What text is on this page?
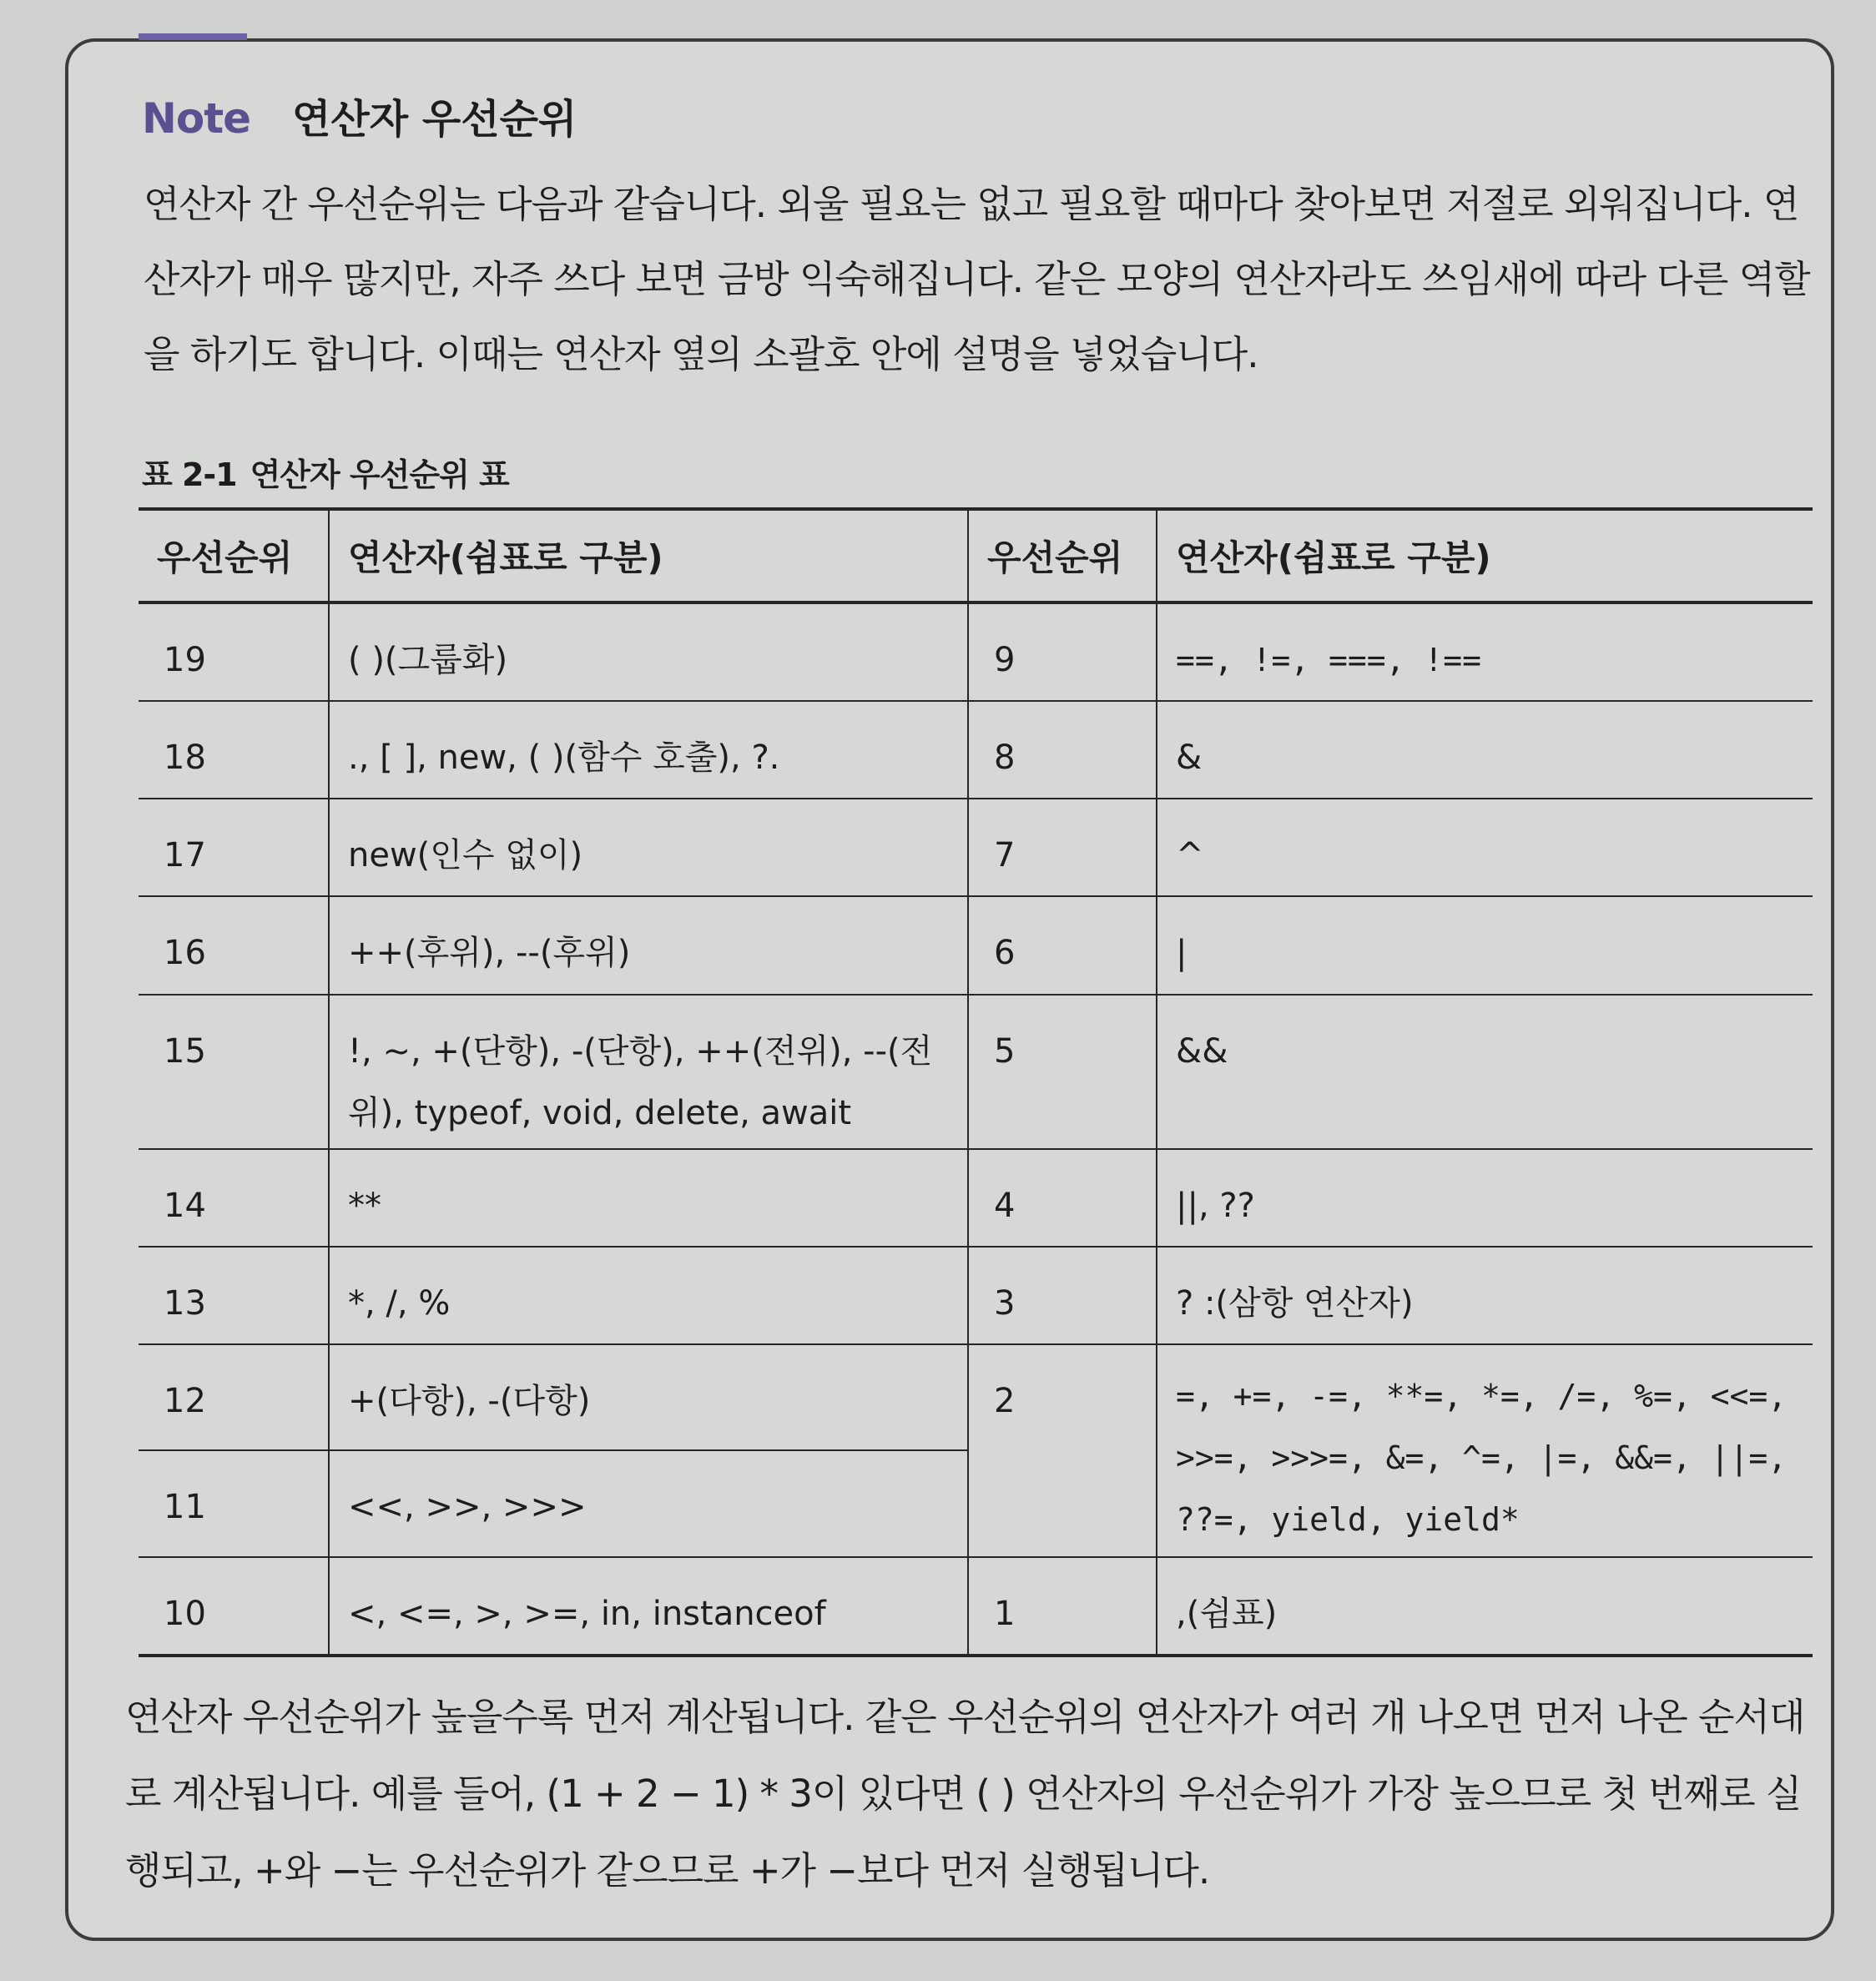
Note 연산자 우선순위

연산자 간 우선순위는 다음과 같습니다. 외울 필요는 없고 필요할 때마다 찾아보면 저절로 외워집니다. 연산자가 매우 많지만, 자주 쓰다 보면 금방 익숙해집니다. 같은 모양의 연산자라도 쓰임새에 따라 다른 역할을 하기도 합니다. 이때는 연산자 옆의 소괄호 안에 설명을 넣었습니다.

표 2-1 연산자 우선순위 표
우선순위	연산자(쉼표로 구분)	우선순위	연산자(쉼표로 구분)
19	( )(그룹화)	9	==, !=, ===, !==
18	., [ ], new, ( )(함수 호출), ?.	8	&
17	new(인수 없이)	7	^
16	++(후위), --(후위)	6	|
15	!, ~, +(단항), -(단항), ++(전위), --(전위), typeof, void, delete, await	5	&&
14	**	4	||, ??
13	*, /, %	3	? :(삼항 연산자)
12	+(다항), -(다항)	2	=, +=, -=, **=, *=, /=, %=, <<=, >>=, >>>=, &=, ^=, |=, &&=, ||=, ??=, yield, yield*
11	<<, >>, >>>		
10	<, <=, >, >=, in, instanceof	1	,(쉼표)

연산자 우선순위가 높을수록 먼저 계산됩니다. 같은 우선순위의 연산자가 여러 개 나오면 먼저 나온 순서대로 계산됩니다. 예를 들어, (1 + 2 − 1) * 3이 있다면 ( ) 연산자의 우선순위가 가장 높으므로 첫 번째로 실행되고, +와 −는 우선순위가 같으므로 +가 −보다 먼저 실행됩니다.
